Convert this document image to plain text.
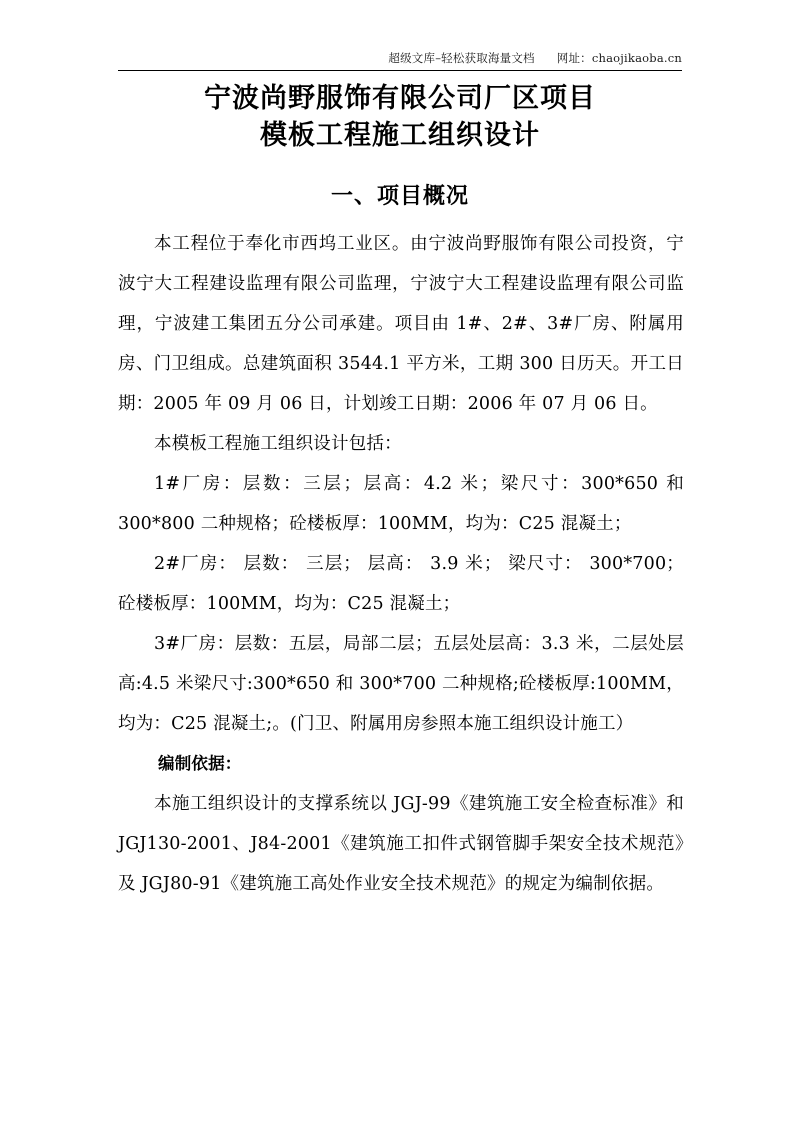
超级文库–轻松获取海量文档 网址：chaojikaoba.cn
宁波尚野服饰有限公司厂区项目
模板工程施工组织设计
一、项目概况

本工程位于奉化市西坞工业区。由宁波尚野服饰有限公司投资，宁波宁大工程建设监理有限公司监理，宁波宁大工程建设监理有限公司监理，宁波建工集团五分公司承建。项目由 1#、2#、3#厂房、附属用房、门卫组成。总建筑面积 3544.1 平方米，工期 300 日历天。开工日期：2005 年 09 月 06 日，计划竣工日期：2006 年 07 月 06 日。

本模板工程施工组织设计包括：

1#厂房：层数：三层；层高：4.2 米；梁尺寸：300*650 和 300*800 二种规格；砼楼板厚：100MM，均为：C25 混凝土；

2#厂房： 层数： 三层； 层高： 3.9 米； 梁尺寸： 300*700； 砼楼板厚：100MM，均为：C25 混凝土；

3#厂房：层数：五层，局部二层；五层处层高：3.3 米，二层处层高:4.5 米梁尺寸:300*650 和 300*700 二种规格;砼楼板厚:100MM，均为：C25 混凝土;。(门卫、附属用房参照本施工组织设计施工）

编制依据：

本施工组织设计的支撑系统以 JGJ-99《建筑施工安全检查标准》和 JGJ130-2001、J84-2001《建筑施工扣件式钢管脚手架安全技术规范》及 JGJ80-91《建筑施工高处作业安全技术规范》的规定为编制依据。
